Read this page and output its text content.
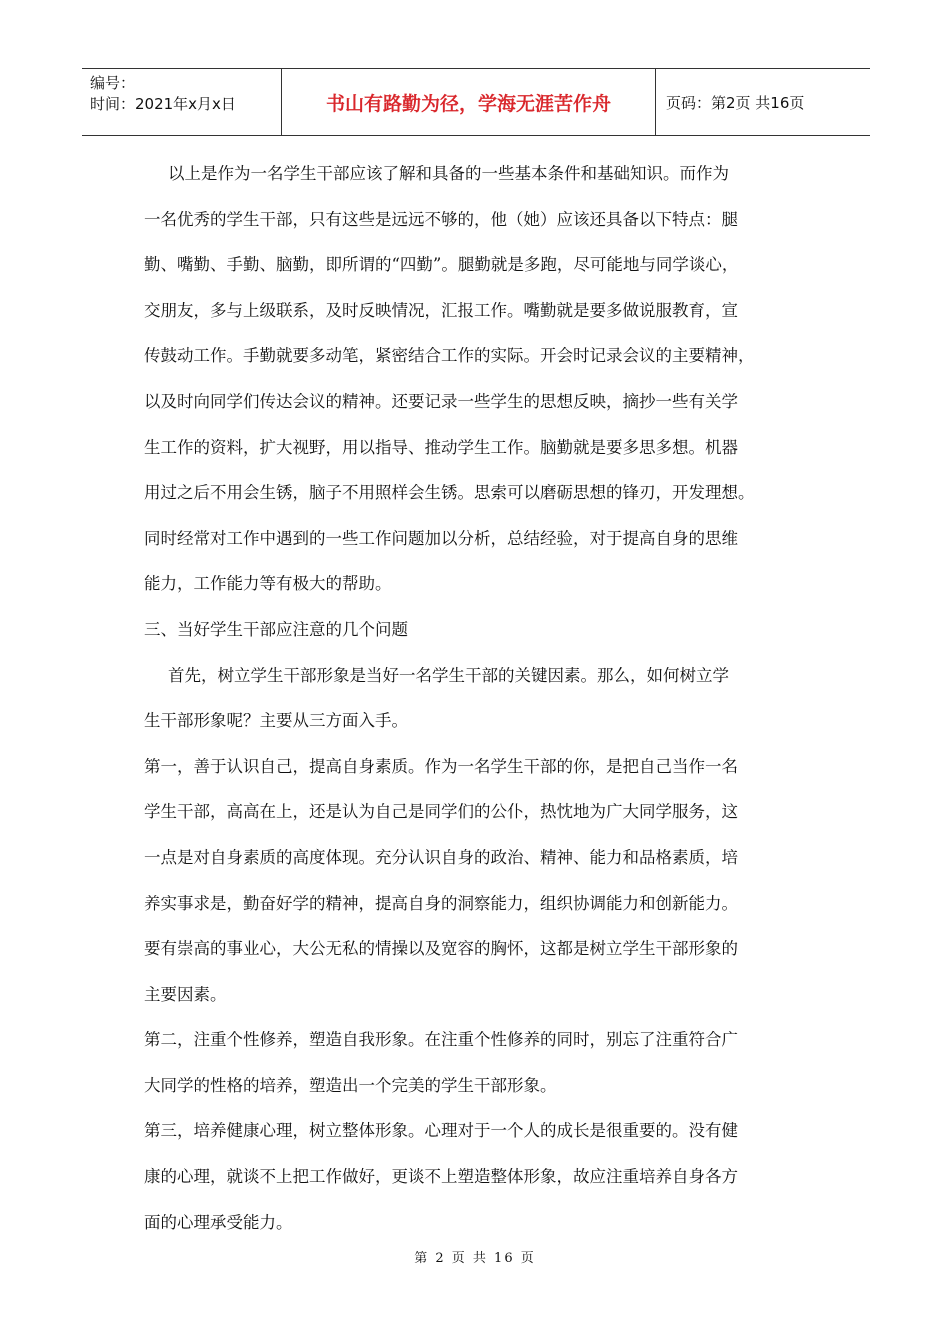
编号：
时间：2021年x月x日	书山有路勤为径，学海无涯苦作舟	页码：第2页 共16页
以上是作为一名学生干部应该了解和具备的一些基本条件和基础知识。而作为
一名优秀的学生干部，只有这些是远远不够的，他（她）应该还具备以下特点：腿
勤、嘴勤、手勤、脑勤，即所谓的“四勤”。腿勤就是多跑，尽可能地与同学谈心，
交朋友，多与上级联系，及时反映情况，汇报工作。嘴勤就是要多做说服教育，宣
传鼓动工作。手勤就要多动笔，紧密结合工作的实际。开会时记录会议的主要精神，
以及时向同学们传达会议的精神。还要记录一些学生的思想反映，摘抄一些有关学
生工作的资料，扩大视野，用以指导、推动学生工作。脑勤就是要多思多想。机器
用过之后不用会生锈，脑子不用照样会生锈。思索可以磨砺思想的锋刃，开发理想。
同时经常对工作中遇到的一些工作问题加以分析，总结经验，对于提高自身的思维
能力，工作能力等有极大的帮助。
三、当好学生干部应注意的几个问题
首先，树立学生干部形象是当好一名学生干部的关键因素。那么，如何树立学
生干部形象呢？主要从三方面入手。
第一，善于认识自己，提高自身素质。作为一名学生干部的你，是把自己当作一名
学生干部，高高在上，还是认为自己是同学们的公仆，热忱地为广大同学服务，这
一点是对自身素质的高度体现。充分认识自身的政治、精神、能力和品格素质，培
养实事求是，勤奋好学的精神，提高自身的洞察能力，组织协调能力和创新能力。
要有崇高的事业心，大公无私的情操以及宽容的胸怀，这都是树立学生干部形象的
主要因素。
第二，注重个性修养，塑造自我形象。在注重个性修养的同时，别忘了注重符合广
大同学的性格的培养，塑造出一个完美的学生干部形象。
第三，培养健康心理，树立整体形象。心理对于一个人的成长是很重要的。没有健
康的心理，就谈不上把工作做好，更谈不上塑造整体形象，故应注重培养自身各方
面的心理承受能力。
第 2 页 共 16 页
